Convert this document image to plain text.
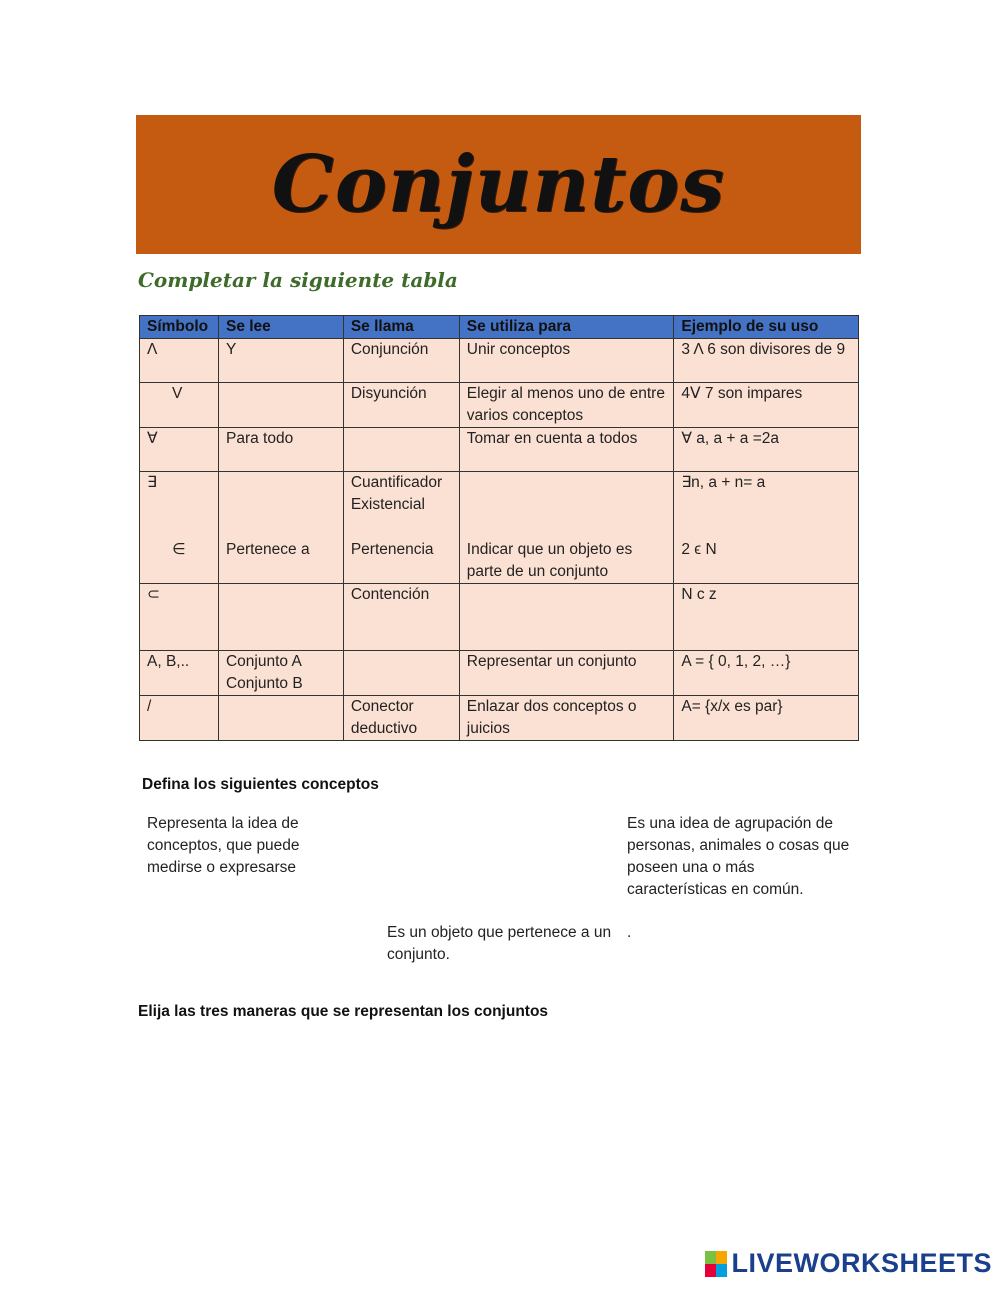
Conjuntos
Completar la siguiente tabla
Símbolo	Se lee	Se llama	Se utiliza para	Ejemplo de su uso
Λ	Y	Conjunción	Unir conceptos	3 Λ 6 son divisores de 9
V		Disyunción	Elegir al menos uno de entre varios conceptos	4ᐯ 7 son impares
∀	Para todo		Tomar en cuenta a todos	∀ a, a + a =2a
∃		Cuantificador Existencial		∃n, a + n= a
∈	Pertenece a	Pertenencia	Indicar que un objeto es parte de un conjunto	2 ϵ N
⊂		Contención		N c z
A, B,..	Conjunto A Conjunto B		Representar un conjunto	A = { 0, 1, 2, …}
/		Conector deductivo	Enlazar dos conceptos o juicios	A= {x/x es par}
Defina los siguientes conceptos
Representa la idea de conceptos, que puede medirse o expresarse
Es una idea de agrupación de personas, animales o cosas que poseen una o más características en común.
Es un objeto que pertenece a un conjunto.
.
Elija las tres maneras que se representan los conjuntos
LIVEWORKSHEETS
